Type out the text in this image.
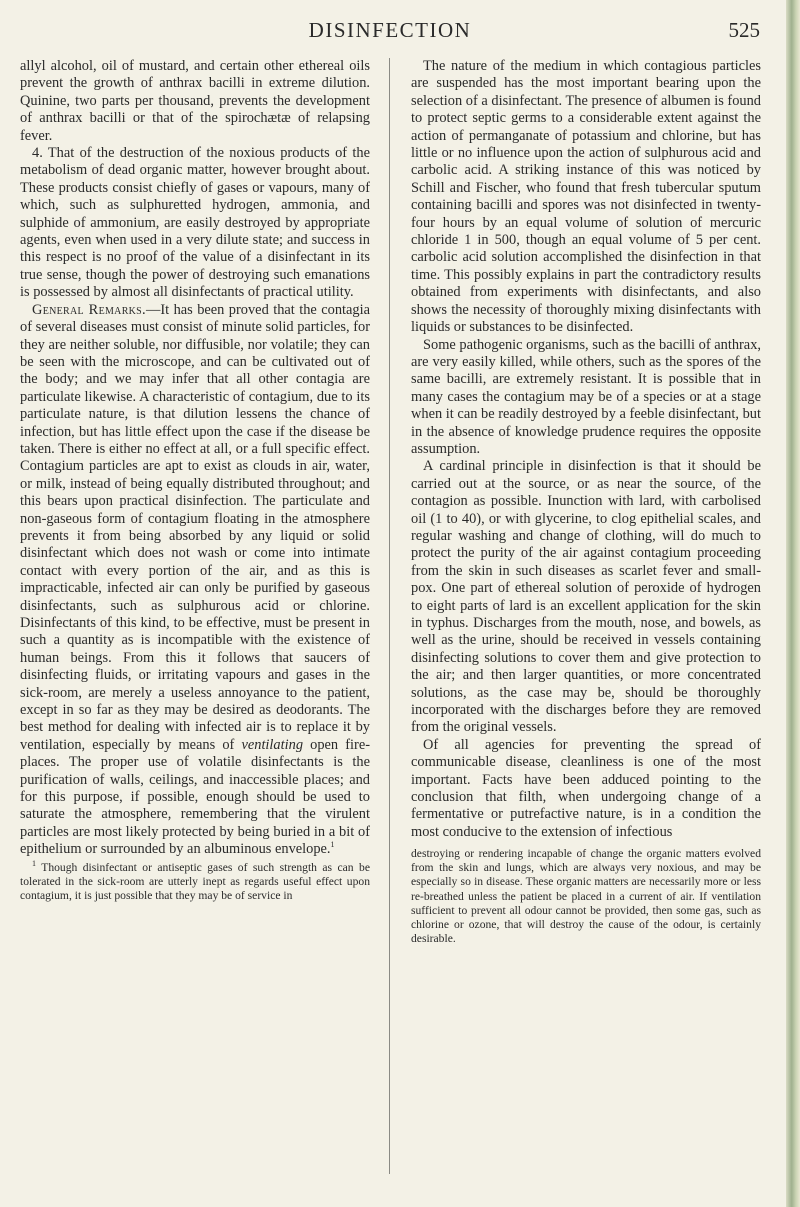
DISINFECTION	525

allyl alcohol, oil of mustard, and certain other ethereal oils prevent the growth of anthrax bacilli in extreme dilution. Quinine, two parts per thousand, prevents the development of anthrax bacilli or that of the spirochætæ of relapsing fever.

4. That of the destruction of the noxious products of the metabolism of dead organic matter, however brought about. These products consist chiefly of gases or vapours, many of which, such as sulphuretted hydrogen, ammonia, and sulphide of ammonium, are easily destroyed by appropriate agents, even when used in a very dilute state; and success in this respect is no proof of the value of a disinfectant in its true sense, though the power of destroying such emanations is possessed by almost all disinfectants of practical utility.

General Remarks.—It has been proved that the contagia of several diseases must consist of minute solid particles, for they are neither soluble, nor diffusible, nor volatile; they can be seen with the microscope, and can be cultivated out of the body; and we may infer that all other contagia are particulate likewise. A characteristic of contagium, due to its particulate nature, is that dilution lessens the chance of infection, but has little effect upon the case if the disease be taken. There is either no effect at all, or a full specific effect. Contagium particles are apt to exist as clouds in air, water, or milk, instead of being equally distributed throughout; and this bears upon practical disinfection. The particulate and non-gaseous form of contagium floating in the atmosphere prevents it from being absorbed by any liquid or solid disinfectant which does not wash or come into intimate contact with every portion of the air, and as this is impracticable, infected air can only be purified by gaseous disinfectants, such as sulphurous acid or chlorine. Disinfectants of this kind, to be effective, must be present in such a quantity as is incompatible with the existence of human beings. From this it follows that saucers of disinfecting fluids, or irritating vapours and gases in the sick-room, are merely a useless annoyance to the patient, except in so far as they may be desired as deodorants. The best method for dealing with infected air is to replace it by ventilation, especially by means of ventilating open fire-places. The proper use of volatile disinfectants is the purification of walls, ceilings, and inaccessible places; and for this purpose, if possible, enough should be used to saturate the atmosphere, remembering that the virulent particles are most likely protected by being buried in a bit of epithelium or surrounded by an albuminous envelope.$^1$

$^1$ Though disinfectant or antiseptic gases of such strength as can be tolerated in the sick-room are utterly inept as regards useful effect upon contagium, it is just possible that they may be of service in

The nature of the medium in which contagious particles are suspended has the most important bearing upon the selection of a disinfectant. The presence of albumen is found to protect septic germs to a considerable extent against the action of permanganate of potassium and chlorine, but has little or no influence upon the action of sulphurous acid and carbolic acid. A striking instance of this was noticed by Schill and Fischer, who found that fresh tubercular sputum containing bacilli and spores was not disinfected in twenty-four hours by an equal volume of solution of mercuric chloride 1 in 500, though an equal volume of 5 per cent. carbolic acid solution accomplished the disinfection in that time. This possibly explains in part the contradictory results obtained from experiments with disinfectants, and also shows the necessity of thoroughly mixing disinfectants with liquids or substances to be disinfected.

Some pathogenic organisms, such as the bacilli of anthrax, are very easily killed, while others, such as the spores of the same bacilli, are extremely resistant. It is possible that in many cases the contagium may be of a species or at a stage when it can be readily destroyed by a feeble disinfectant, but in the absence of knowledge prudence requires the opposite assumption.

A cardinal principle in disinfection is that it should be carried out at the source, or as near the source, of the contagion as possible. Inunction with lard, with carbolised oil (1 to 40), or with glycerine, to clog epithelial scales, and regular washing and change of clothing, will do much to protect the purity of the air against contagium proceeding from the skin in such diseases as scarlet fever and small-pox. One part of ethereal solution of peroxide of hydrogen to eight parts of lard is an excellent application for the skin in typhus. Discharges from the mouth, nose, and bowels, as well as the urine, should be received in vessels containing disinfecting solutions to cover them and give protection to the air; and then larger quantities, or more concentrated solutions, as the case may be, should be thoroughly incorporated with the discharges before they are removed from the original vessels.

Of all agencies for preventing the spread of communicable disease, cleanliness is one of the most important. Facts have been adduced pointing to the conclusion that filth, when undergoing change of a fermentative or putrefactive nature, is in a condition the most conducive to the extension of infectious

destroying or rendering incapable of change the organic matters evolved from the skin and lungs, which are always very noxious, and may be especially so in disease. These organic matters are necessarily more or less re-breathed unless the patient be placed in a current of air. If ventilation sufficient to prevent all odour cannot be provided, then some gas, such as chlorine or ozone, that will destroy the cause of the odour, is certainly desirable.
